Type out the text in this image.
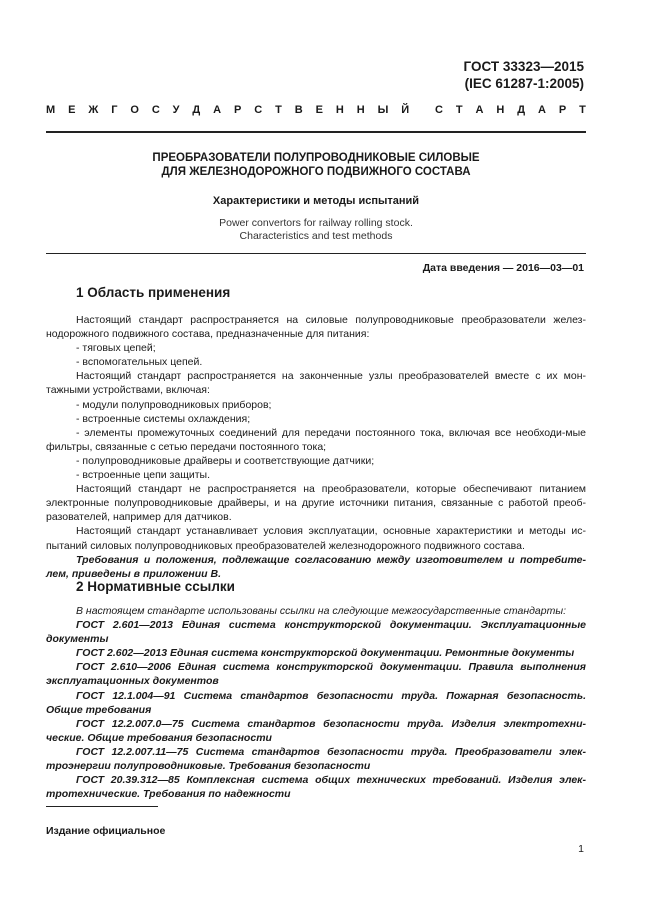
ГОСТ 33323—2015
(IEC 61287-1:2005)
М Е Ж Г О С У Д А Р С Т В Е Н Н Ы Й С Т А Н Д А Р Т
ПРЕОБРАЗОВАТЕЛИ ПОЛУПРОВОДНИКОВЫЕ СИЛОВЫЕ
ДЛЯ ЖЕЛЕЗНОДОРОЖНОГО ПОДВИЖНОГО СОСТАВА
Характеристики и методы испытаний
Power convertors for railway rolling stock.
Characteristics and test methods
Дата введения — 2016—03—01
1 Область применения

Настоящий стандарт распространяется на силовые полупроводниковые преобразователи желез-нодорожного подвижного состава, предназначенные для питания:

- тяговых цепей;

- вспомогательных цепей.

Настоящий стандарт распространяется на законченные узлы преобразователей вместе с их мон-тажными устройствами, включая:

- модули полупроводниковых приборов;

- встроенные системы охлаждения;

- элементы промежуточных соединений для передачи постоянного тока, включая все необходи-мые фильтры, связанные с сетью передачи постоянного тока;

- полупроводниковые драйверы и соответствующие датчики;

- встроенные цепи защиты.

Настоящий стандарт не распространяется на преобразователи, которые обеспечивают питанием электронные полупроводниковые драйверы, и на другие источники питания, связанные с работой преоб-разователей, например для датчиков.

Настоящий стандарт устанавливает условия эксплуатации, основные характеристики и методы ис-пытаний силовых полупроводниковых преобразователей железнодорожного подвижного состава.

Требования и положения, подлежащие согласованию между изготовителем и потребите-лем, приведены в приложении В.

2 Нормативные ссылки

В настоящем стандарте использованы ссылки на следующие межгосударственные стандарты:

ГОСТ 2.601—2013 Единая система конструкторской документации. Эксплуатационные документы

ГОСТ 2.602—2013 Единая система конструкторской документации. Ремонтные документы

ГОСТ 2.610—2006 Единая система конструкторской документации. Правила выполнения эксплуатационных документов

ГОСТ 12.1.004—91 Система стандартов безопасности труда. Пожарная безопасность. Общие требования

ГОСТ 12.2.007.0—75 Система стандартов безопасности труда. Изделия электротехни-ческие. Общие требования безопасности

ГОСТ 12.2.007.11—75 Система стандартов безопасности труда. Преобразователи элек-троэнергии полупроводниковые. Требования безопасности

ГОСТ 20.39.312—85 Комплексная система общих технических требований. Изделия элек-тротехнические. Требования по надежности

Издание официальное
1
